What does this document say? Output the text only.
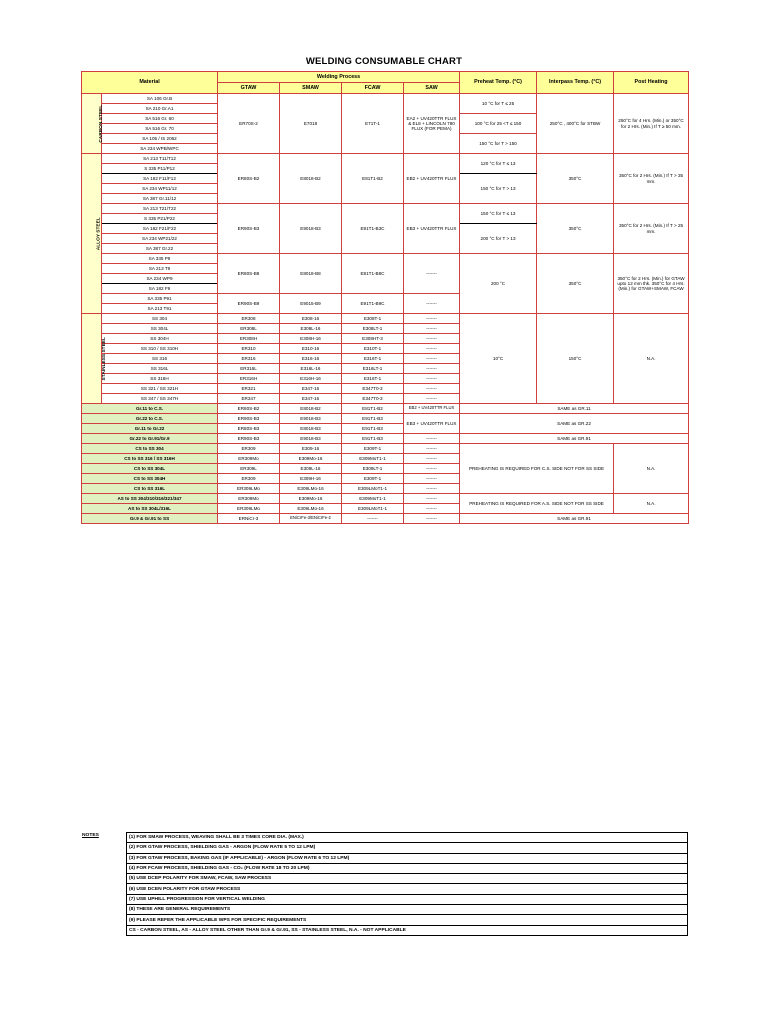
WELDING CONSUMABLE CHART
Material		Welding Process				Preheat Temp. (°C)	Interpass Temp. (°C)	Post Heating
		GTAW	SMAW	FCAW	SAW			
CARBON STEEL	SA 106 Gr.B	ER70S-2	E7018	E71T-1	EA2 + UV420TTR FLUX & EL8 + LINCOLN 780 FLUX (FOR PEMA)	10 °C for T ≤ 25	250°C , 400°C for STBW	250°C for 4 Hrs. (Min.) or 350°C for 2 Hrs. (Min.) If T ≥ 50 mm.
	SA 210 Gr.A1							
	SA 516 Gr. 60					100 °C for 25 <T ≤ 150		
	SA 516 Gr. 70							
	SA 105 / IS 2062					150 °C for T > 150		
	SA 234 WPB/WPC							
ALLOY STEEL	SA 213 T11/T12	ER80S-B2	E8018-B2	E81T1-B2	EB2 + UV420TTR FLUX	120 °C for T ≤ 13	350°C	350°C for 2 Hrs. (Min.) If T > 35 mm.
	S 335 P11/P12							
	SA 182 F11/F12					150 °C for T > 13		
	SA 234 WP11/12							
	SA 387 Gr.11/12							
	SA 213 T21/T22	ER90S-B3	E9018-B3	E91T1-B3C	EB3 + UV420TTR FLUX	150 °C for T ≤ 13	350°C	350°C for 2 Hrs. (Min.) If T > 25 mm.
	S 335 P21/P22							
	SA 182 F21/F22					200 °C for T > 13		
	SA 234 WP21/22							
	SA 387 Gr.22							
	SA 335 P9	ER80S-B8	E8018-B8	E81T1-B8C	-------	200 °C	350°C	350°C for 2 Hrs. (Min.) for GTAW upto 12 mm thk. 350°C for 4 Hrs. (Min.) for GTAW+SMAW, FCAW
	SA 213 T9							
	SA 234 WP9							
	SA 182 F9							
	SA 335 P91	ER90S-B9	E9015-B9	E91T1-B9C	-------			
	SA 213 T91							
STAINLESS STEEL	SS 304	ER308	E308-16	E308T-1	-------	10°C	150°C	N.A.
	SS 304L	ER308L	E308L-16	E308LT-1	-------			
	SS 304H	ER308H	E308H-16	E308HT-3	-------			
	SS 310 / SS 310H	ER310	E310-16	E310T-1	-------			
	SS 316	ER316	E316-16	E316T-1	-------			
	SS 316L	ER316L	E316L-16	E316LT-1	-------			
	SS 316H	ER316H	E316H-16	E316T-1	-------			
	SS 321 / SS 321H	ER321	E347-16	E347T0-3	-------			
	SS 347 / SS 347H	ER347	E347-16	E347T0-3	-------			
Gr.11 to C.S.		ER80S-B2	E8018-B2	E81T1-B2	EB2 + UV420TTR FLUX	SAME as GR.11		
Gr.22 to C.S.		ER90S-B3	E9018-B3	E91T1-B3	EB3 + UV420TTR FLUX	SAME as GR.22		
Gr.11 to Gr.22		ER80S-B3	E8018-B3	E91T1-B3				
Gr.22 to Gr.91/Gr.9		ER90S-B3	E9018-B3	E91T1-B3	-------	SAME as GR.91		
CS to SS 304		ER309	E309-16	E309T-1	-------	PREHEATING IS REQUIRED FOR C.S. SIDE NOT FOR SS SIDE		N.A.
CS to SS 316 / SS 316H		ER309Mo	E309Mo-16	E309MoT1-1	-------			
CS to SS 304L		ER309L	E309L-16	E309LT-1	-------			
CS to SS 304H		ER309	E309H-16	E309T-1	-------			
CS to SS 316L		ER309LMo	E309LMo-16	E309LMoT1-1	-------			
AS to SS 304/310/316/321/347		ER309Mo	E309Mo-16	E309MoT1-1	-------	PREHEATING IS REQUIRED FOR A.S. SIDE NOT FOR SS SIDE		N.A.
AS to SS 304L/316L		ER309LMo	E309LMo-16	E309LMoT1-1	-------			
Gr.9 & Gr.91 to SS		ERNiCr-3	ENiCrFe-3/ENiCrFe-2	-------	-------	SAME as GR.91		
NOTES	(1) FOR SMAW PROCESS, WEAVING SHALL BE 3 TIMES CORE DIA. (MAX.)
(2) FOR GTAW PROCESS, SHIELDING GAS - ARGON (FLOW RATE 5 TO 12 LPM)
(3) FOR GTAW PROCESS, BAKING GAS (IF APPLICABLE) - ARGON (FLOW RATE 6 TO 12 LPM)
(4) FOR FCAW PROCESS, SHIELDING GAS - CO₂ (FLOW RATE 18 TO 20 LPM)
(5) USE DCEP POLARITY FOR SMAW, FCAW, SAW PROCESS
(6) USE DCEN POLARITY FOR GTAW PROCESS
(7) USE UPHILL PROGRESSION FOR VERTICAL WELDING
(8) THESE ARE GENERAL REQUIREMENTS
(9) PLEASE REFER THE APPLICABLE WPS FOR SPECIFIC REQUIREMENTS
CS - CARBON STEEL, AS - ALLOY STEEL OTHER THAN Gr.9 & Gr.91, SS - STAINLESS STEEL, N.A. - NOT APPLICABLE
